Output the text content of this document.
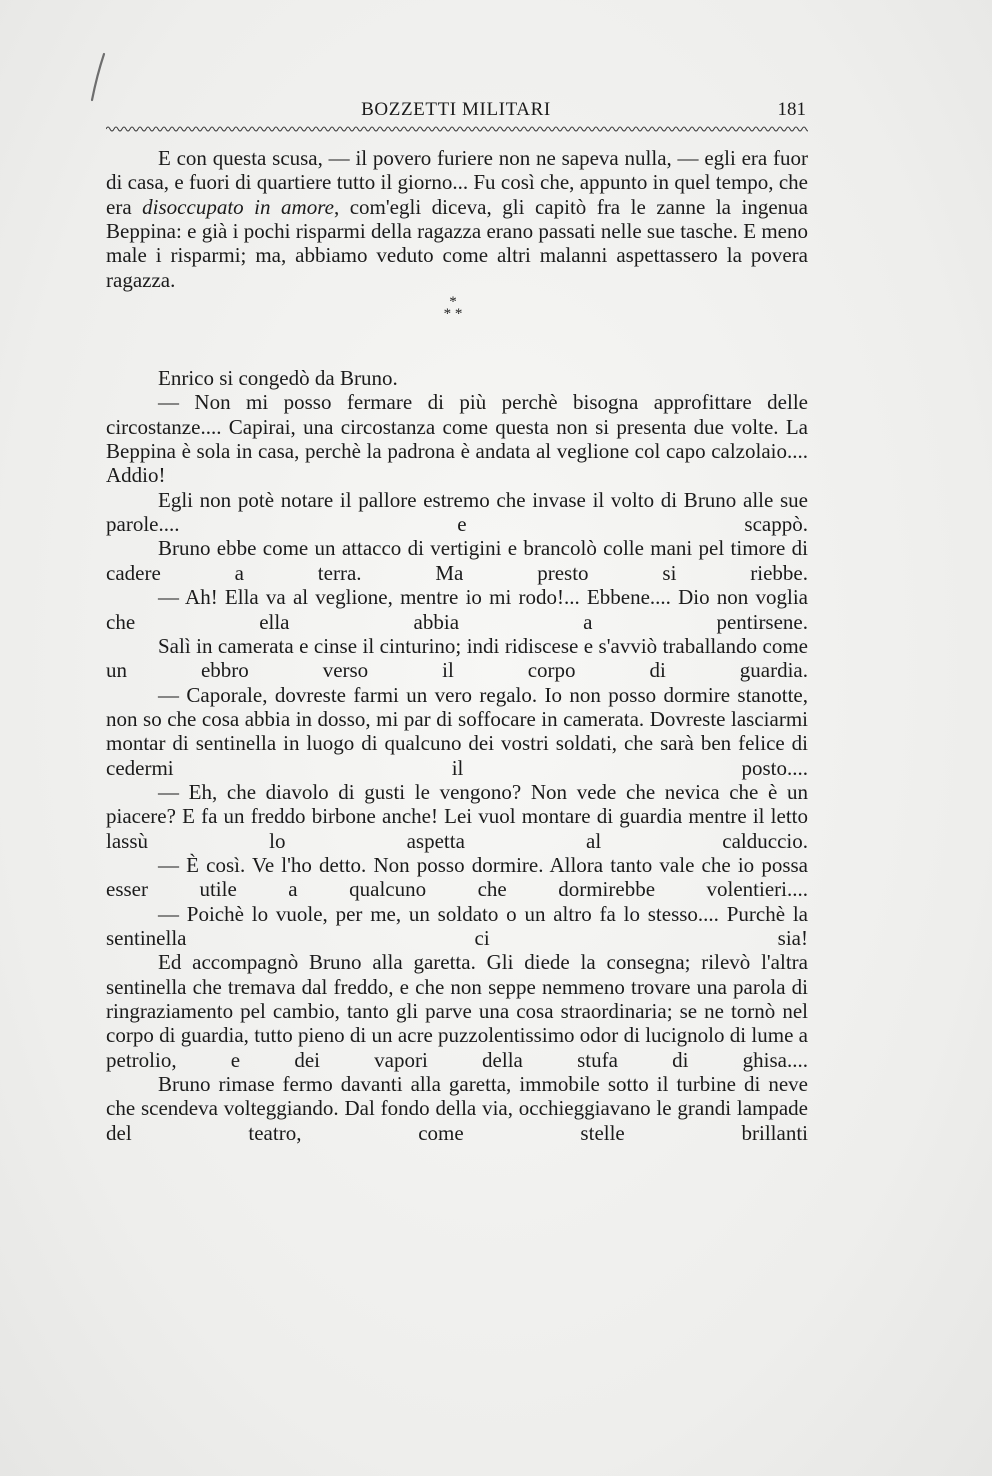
BOZZETTI MILITARI	181

E con questa scusa, — il povero furiere non ne sapeva nulla, — egli era fuor di casa, e fuori di quartiere tutto il giorno... Fu così che, appunto in quel tempo, che era disoccupato in amore, com'egli diceva, gli capitò fra le zanne la ingenua Beppina: e già i pochi risparmi della ragazza erano passati nelle sue tasche. E meno male i risparmi; ma, abbiamo veduto come altri malanni aspettassero la povera ragazza.

*
* *

Enrico si congedò da Bruno.

— Non mi posso fermare di più perchè bisogna approfittare delle circostanze.... Capirai, una circostanza come questa non si presenta due volte. La Beppina è sola in casa, perchè la padrona è andata al veglione col capo calzolaio.... Addio!

Egli non potè notare il pallore estremo che invase il volto di Bruno alle sue parole.... e scappò.

Bruno ebbe come un attacco di vertigini e brancolò colle mani pel timore di cadere a terra. Ma presto si riebbe.

— Ah! Ella va al veglione, mentre io mi rodo!... Ebbene.... Dio non voglia che ella abbia a pentirsene.

Salì in camerata e cinse il cinturino; indi ridiscese e s'avviò traballando come un ebbro verso il corpo di guardia.

— Caporale, dovreste farmi un vero regalo. Io non posso dormire stanotte, non so che cosa abbia in dosso, mi par di soffocare in camerata. Dovreste lasciarmi montar di sentinella in luogo di qualcuno dei vostri soldati, che sarà ben felice di cedermi il posto....

— Eh, che diavolo di gusti le vengono? Non vede che nevica che è un piacere? E fa un freddo birbone anche! Lei vuol montare di guardia mentre il letto lassù lo aspetta al calduccio.

— È così. Ve l'ho detto. Non posso dormire. Allora tanto vale che io possa esser utile a qualcuno che dormirebbe volentieri....

— Poichè lo vuole, per me, un soldato o un altro fa lo stesso.... Purchè la sentinella ci sia!

Ed accompagnò Bruno alla garetta. Gli diede la consegna; rilevò l'altra sentinella che tremava dal freddo, e che non seppe nemmeno trovare una parola di ringraziamento pel cambio, tanto gli parve una cosa straordinaria; se ne tornò nel corpo di guardia, tutto pieno di un acre puzzolentissimo odor di lucignolo di lume a petrolio, e dei vapori della stufa di ghisa....

Bruno rimase fermo davanti alla garetta, immobile sotto il turbine di neve che scendeva volteggiando. Dal fondo della via, occhieggiavano le grandi lampade del teatro, come stelle brillanti
